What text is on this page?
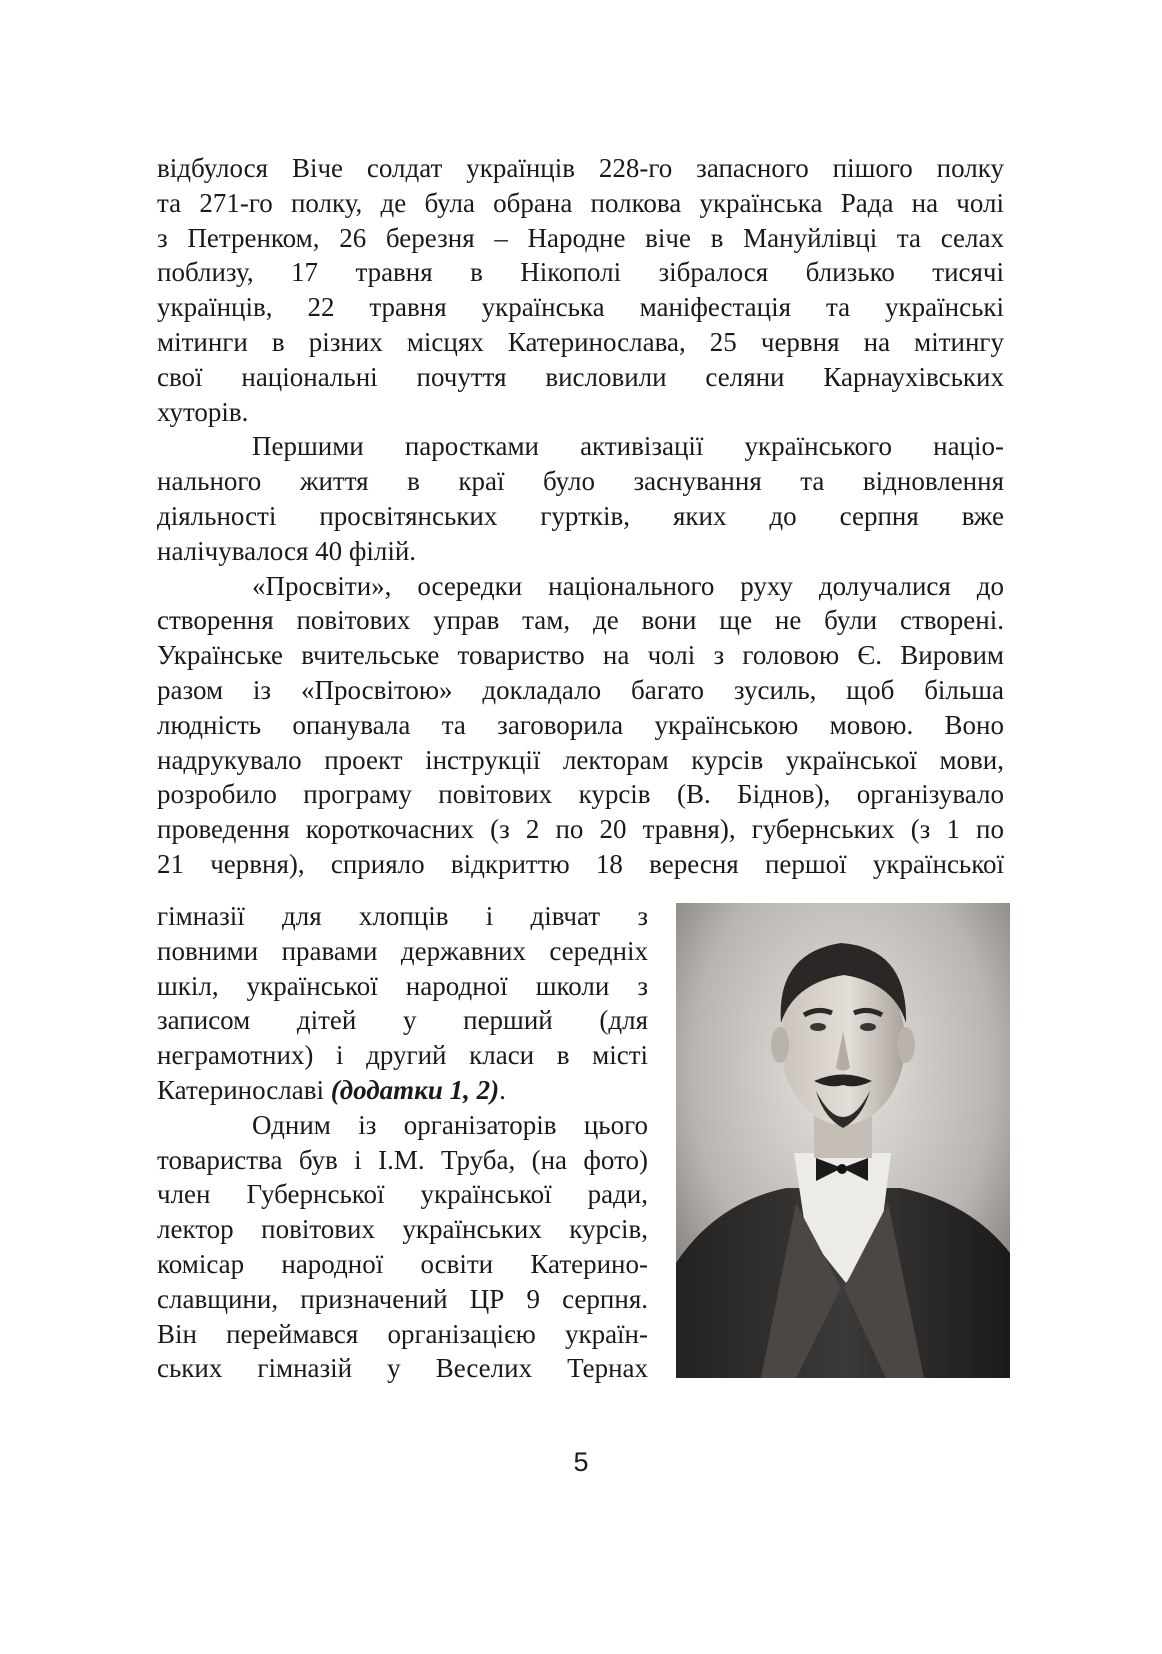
відбулося Віче солдат українців 228-го запасного пішого полку
та 271-го полку, де була обрана полкова українська Рада на чолі
з Петренком, 26 березня – Народне віче в Мануйлівці та селах
поблизу, 17 травня в Нікополі зібралося близько тисячі
українців, 22 травня українська маніфестація та українські
мітинги в різних місцях Катеринослава, 25 червня на мітингу
свої національні почуття висловили селяни Карнаухівських
хуторів.
Першими паростками активізації українського націо-
нального життя в краї було заснування та відновлення
діяльності просвітянських гуртків, яких до серпня вже
налічувалося 40 філій.
«Просвіти», осередки національного руху долучалися до
створення повітових управ там, де вони ще не були створені.
Українське вчительське товариство на чолі з головою Є. Вировим
разом із «Просвітою» докладало багато зусиль, щоб більша
людність опанувала та заговорила українською мовою. Воно
надрукувало проект інструкції лекторам курсів української мови,
розробило програму повітових курсів (В. Біднов), організувало
проведення короткочасних (з 2 по 20 травня), губернських (з 1 по
21 червня), сприяло відкриттю 18 вересня першої української
гімназії для хлопців і дівчат з
повними правами державних середніх
шкіл, української народної школи з
записом дітей у перший (для
неграмотних) і другий класи в місті
Катеринославі (додатки 1, 2).
Одним із організаторів цього
товариства був і І.М. Труба, (на фото)
член Губернської української ради,
лектор повітових українських курсів,
комісар народної освіти Катерино-
славщини, призначений ЦР 9 серпня.
Він переймався організацією україн-
ських гімназій у Веселих Тернах
5
